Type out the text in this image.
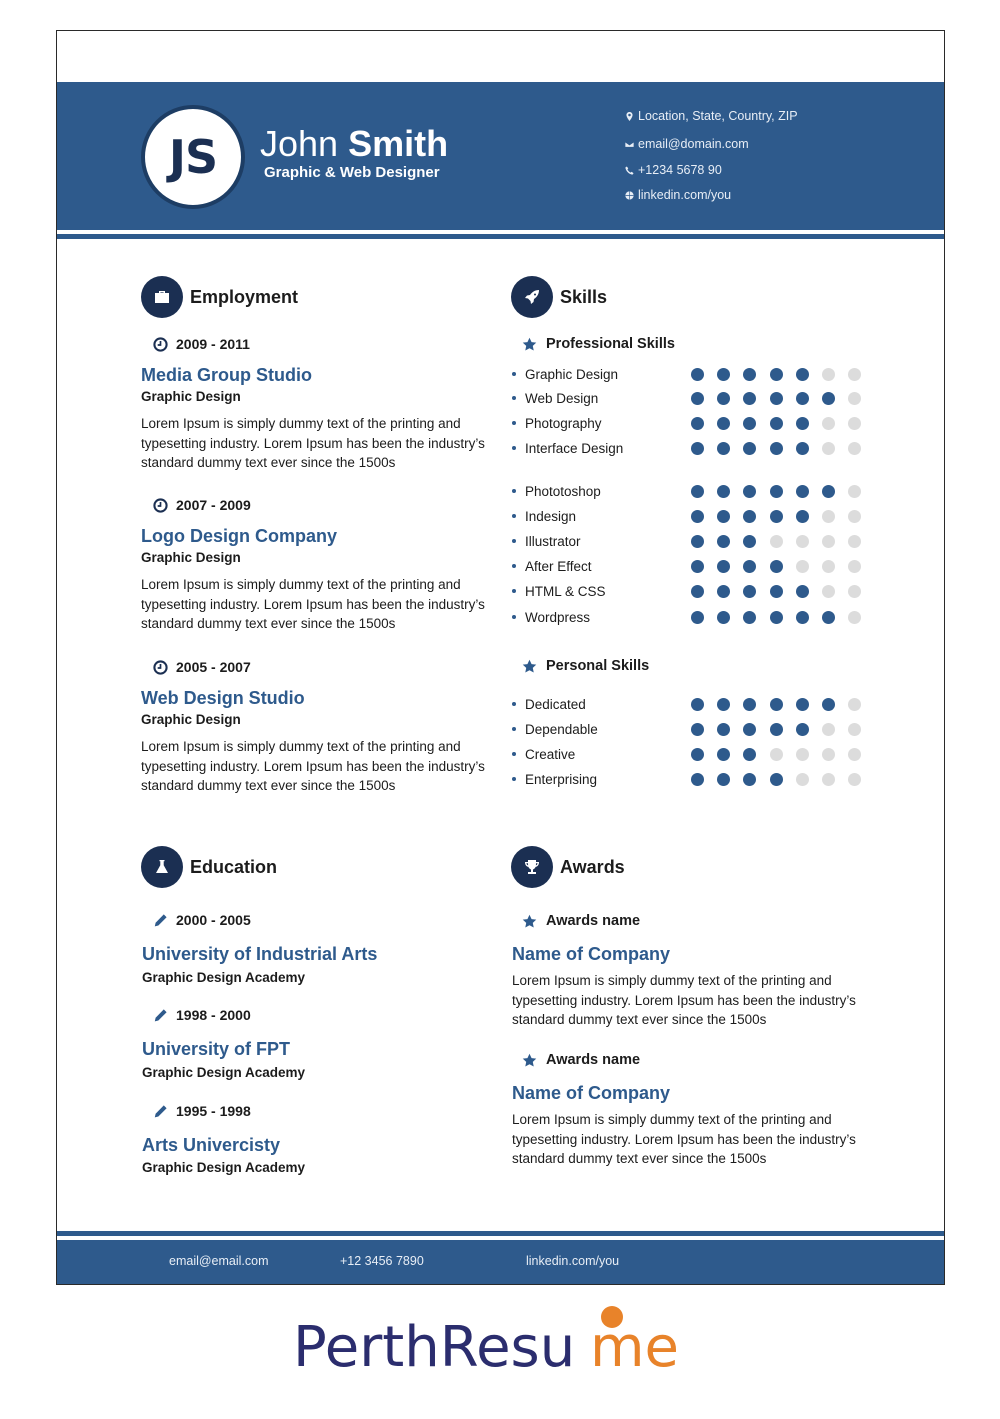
JS John Smith
Graphic & Web Designer
Location, State, Country, ZIP
email@domain.com
+1234 5678 90
linkedin.com/you
Employment
2009 - 2011
Media Group Studio
Graphic Design
Lorem Ipsum is simply dummy text of the printing and typesetting industry. Lorem Ipsum has been the industry’s standard dummy text ever since the 1500s
2007 - 2009
Logo Design Company
Graphic Design
Lorem Ipsum is simply dummy text of the printing and typesetting industry. Lorem Ipsum has been the industry’s standard dummy text ever since the 1500s
2005 - 2007
Web Design Studio
Graphic Design
Lorem Ipsum is simply dummy text of the printing and typesetting industry. Lorem Ipsum has been the industry’s standard dummy text ever since the 1500s
Skills
Professional Skills
Graphic Design
Web Design
Photography
Interface Design
Phototoshop
Indesign
Illustrator
After Effect
HTML & CSS
Wordpress
Personal Skills
Dedicated
Dependable
Creative
Enterprising
Education
2000 - 2005
University of Industrial Arts
Graphic Design Academy
1998 - 2000
University of FPT
Graphic Design Academy
1995 - 1998
Arts Univercisty
Graphic Design Academy
Awards
Awards name
Name of Company
Lorem Ipsum is simply dummy text of the printing and typesetting industry. Lorem Ipsum has been the industry’s standard dummy text ever since the 1500s
Awards name
Name of Company
Lorem Ipsum is simply dummy text of the printing and typesetting industry. Lorem Ipsum has been the industry’s standard dummy text ever since the 1500s
email@email.com	+12 3456 7890	linkedin.com/you
PerthResu me
